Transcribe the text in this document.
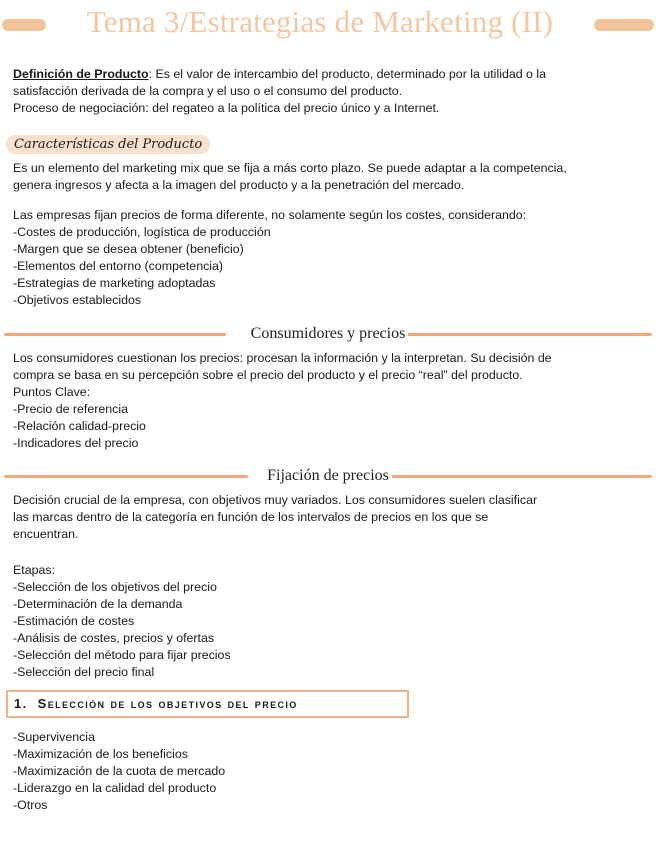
Tema 3/Estrategias de Marketing (II)
Definición de Producto: Es el valor de intercambio del producto, determinado por la utilidad o la
satisfacción derivada de la compra y el uso o el consumo del producto.
Proceso de negociación: del regateo a la política del precio único y a Internet.
Características del Producto
Es un elemento del marketing mix que se fija a más corto plazo. Se puede adaptar a la competencia,
genera ingresos y afecta a la imagen del producto y a la penetración del mercado.
Las empresas fijan precios de forma diferente, no solamente según los costes, considerando:
-Costes de producción, logística de producción
-Margen que se desea obtener (beneficio)
-Elementos del entorno (competencia)
-Estrategias de marketing adoptadas
-Objetivos establecidos
Consumidores y precios
Los consumidores cuestionan los precios: procesan la información y la interpretan. Su decisión de
compra se basa en su percepción sobre el precio del producto y el precio “real” del producto.
Puntos Clave:
-Precio de referencia
-Relación calidad-precio
-Indicadores del precio
Fijación de precios
Decisión crucial de la empresa, con objetivos muy variados. Los consumidores suelen clasificar
las marcas dentro de la categoría en función de los intervalos de precios en los que se
encuentran.
Etapas:
-Selección de los objetivos del precio
-Determinación de la demanda
-Estimación de costes
-Análisis de costes, precios y ofertas
-Selección del método para fijar precios
-Selección del precio final
1. Selección de los objetivos del precio
-Supervivencia
-Maximización de los beneficios
-Maximización de la cuota de mercado
-Liderazgo en la calidad del producto
-Otros
